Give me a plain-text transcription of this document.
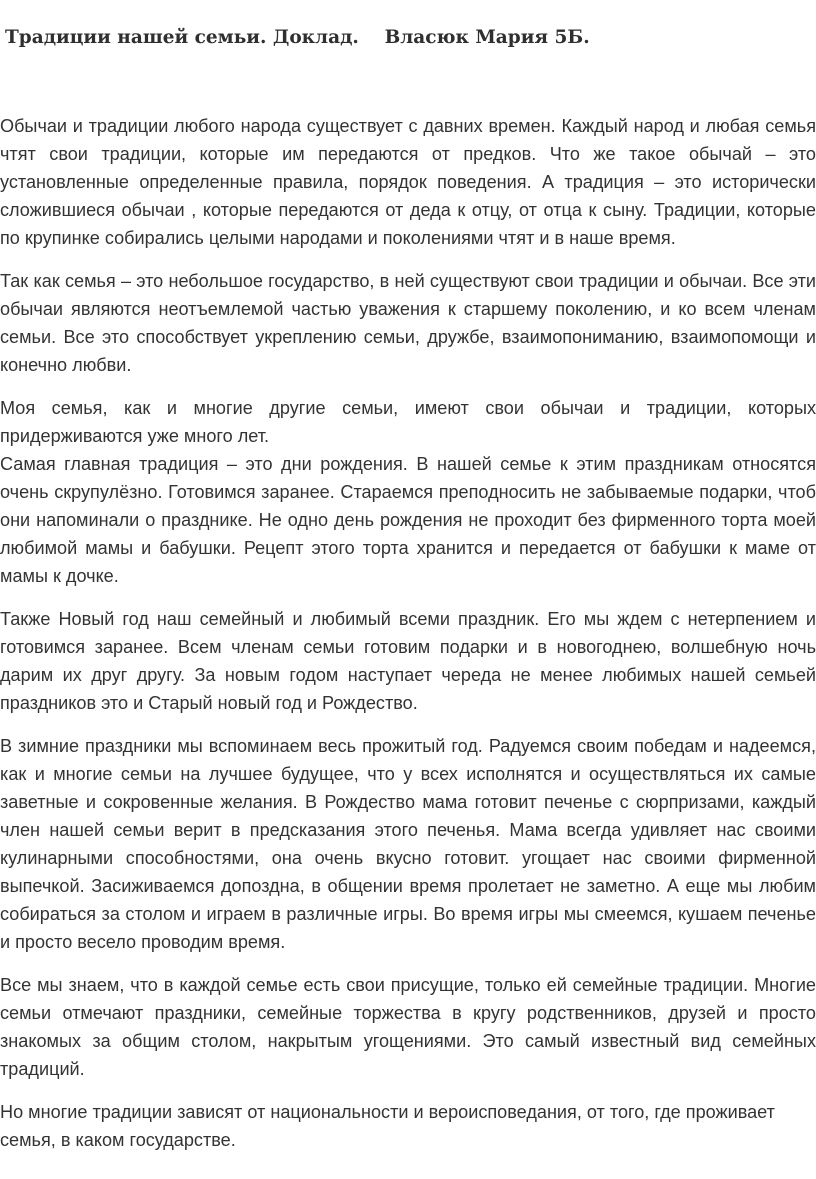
Традиции нашей семьи. Доклад.    Власюк Мария 5Б.

Обычаи и традиции любого народа существует с давних времен. Каждый народ и любая семья чтят свои традиции, которые им передаются от предков. Что же такое обычай – это установленные определенные правила, порядок поведения. А традиция – это исторически сложившиеся обычаи , которые передаются от деда к отцу, от отца к сыну. Традиции, которые по крупинке собирались целыми народами и поколениями чтят и в наше время.

Так как семья – это небольшое государство, в ней существуют свои традиции и обычаи. Все эти обычаи являются неотъемлемой частью уважения к старшему поколению, и ко всем членам семьи. Все это способствует укреплению семьи, дружбе, взаимопониманию, взаимопомощи и конечно любви.

Моя семья, как и многие другие семьи, имеют свои обычаи и традиции, которых придерживаются уже много лет.
Самая главная традиция – это дни рождения. В нашей семье к этим праздникам относятся очень скрупулёзно. Готовимся заранее. Стараемся преподносить не забываемые подарки, чтоб они напоминали о празднике. Не одно день рождения не проходит без фирменного торта моей любимой мамы и бабушки. Рецепт этого торта хранится и передается от бабушки к маме от мамы к дочке.

Также Новый год наш семейный и любимый всеми праздник. Его мы ждем с нетерпением и готовимся заранее. Всем членам семьи готовим подарки и в новогоднею, волшебную ночь дарим их друг другу. За новым годом наступает череда не менее любимых нашей семьей праздников это и Старый новый год и Рождество.

В зимние праздники мы вспоминаем весь прожитый год. Радуемся своим победам и надеемся, как и многие семьи на лучшее будущее, что у всех исполнятся и осуществляться их самые заветные и сокровенные желания. В Рождество мама готовит печенье с сюрпризами, каждый член нашей семьи верит в предсказания этого печенья. Мама всегда удивляет нас своими кулинарными способностями, она очень вкусно готовит. угощает нас своими фирменной выпечкой. Засиживаемся допоздна, в общении время пролетает не заметно. А еще мы любим собираться за столом и играем в различные игры. Во время игры мы смеемся, кушаем печенье и просто весело проводим время.

Все мы знаем, что в каждой семье есть свои присущие, только ей семейные традиции. Многие семьи отмечают праздники, семейные торжества в кругу родственников, друзей и просто знакомых за общим столом, накрытым угощениями. Это самый известный вид семейных традиций.

Но многие традиции зависят от национальности и вероисповедания, от того, где проживает семья, в каком государстве.
